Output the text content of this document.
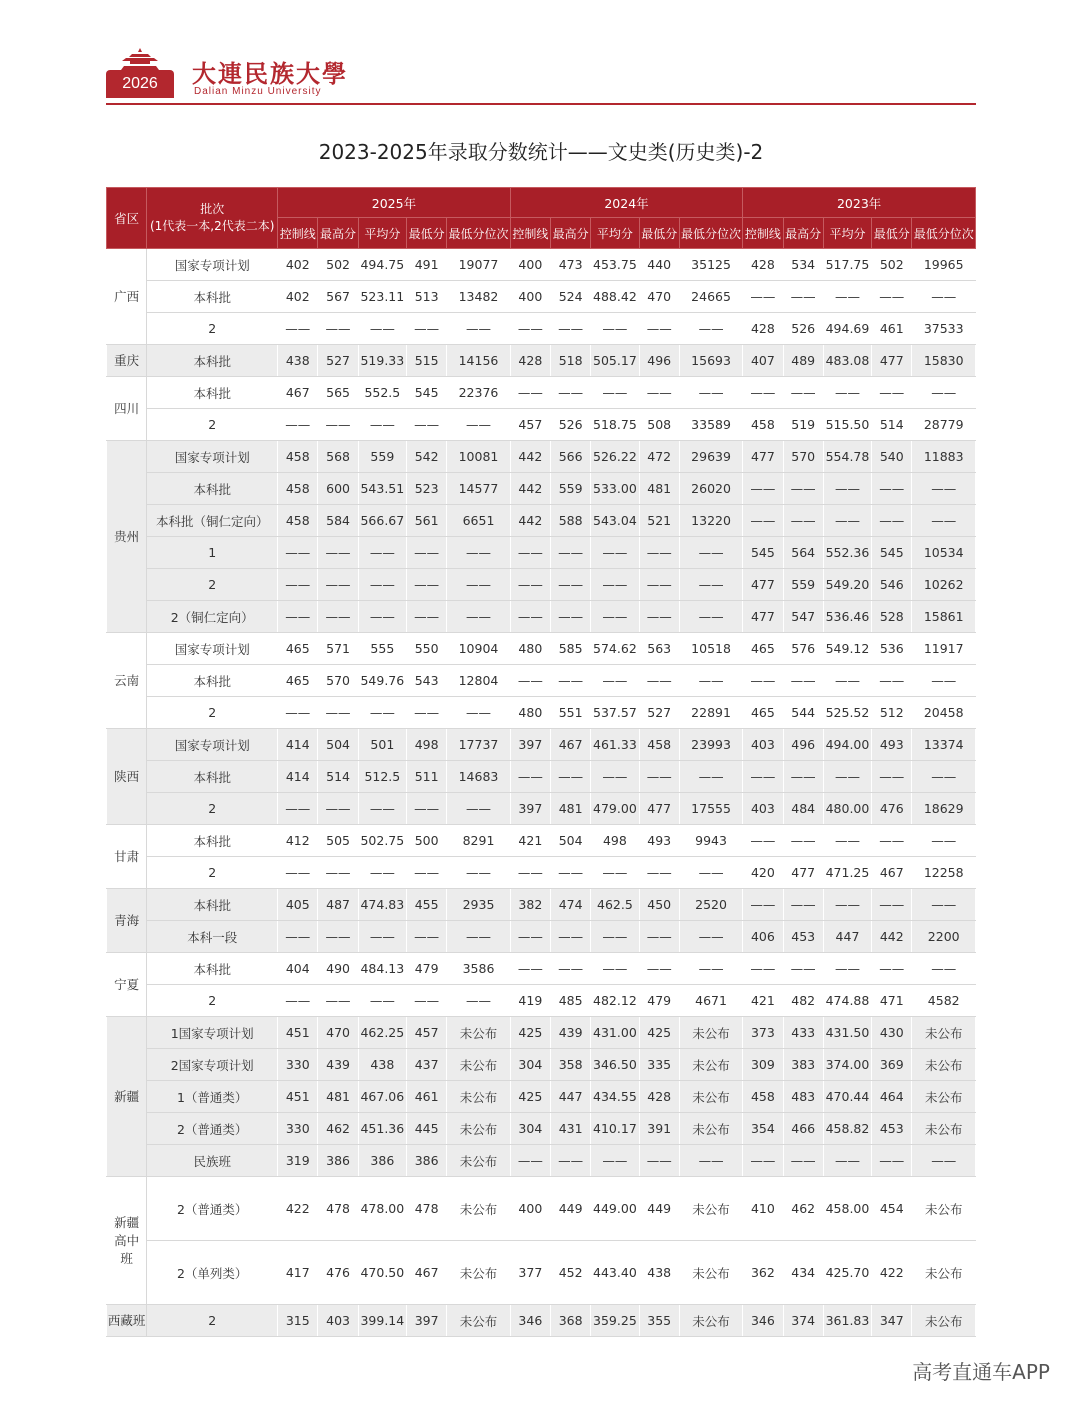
2026	大連民族大學
Dalian Minzu University
2023-2025年录取分数统计——文史类(历史类)-2
省区	批次
(1代表一本,2代表二本)	2025年					2024年					2023年				
		控制线	最高分	平均分	最低分	最低分位次	控制线	最高分	平均分	最低分	最低分位次	控制线	最高分	平均分	最低分	最低分位次
广西	国家专项计划	402	502	494.75	491	19077	400	473	453.75	440	35125	428	534	517.75	502	19965
	本科批	402	567	523.11	513	13482	400	524	488.42	470	24665	——	——	——	——	——
	2	——	——	——	——	——	——	——	——	——	——	428	526	494.69	461	37533
重庆	本科批	438	527	519.33	515	14156	428	518	505.17	496	15693	407	489	483.08	477	15830
四川	本科批	467	565	552.5	545	22376	——	——	——	——	——	——	——	——	——	——
	2	——	——	——	——	——	457	526	518.75	508	33589	458	519	515.50	514	28779
贵州	国家专项计划	458	568	559	542	10081	442	566	526.22	472	29639	477	570	554.78	540	11883
	本科批	458	600	543.51	523	14577	442	559	533.00	481	26020	——	——	——	——	——
	本科批（铜仁定向）	458	584	566.67	561	6651	442	588	543.04	521	13220	——	——	——	——	——
	1	——	——	——	——	——	——	——	——	——	——	545	564	552.36	545	10534
	2	——	——	——	——	——	——	——	——	——	——	477	559	549.20	546	10262
	2（铜仁定向）	——	——	——	——	——	——	——	——	——	——	477	547	536.46	528	15861
云南	国家专项计划	465	571	555	550	10904	480	585	574.62	563	10518	465	576	549.12	536	11917
	本科批	465	570	549.76	543	12804	——	——	——	——	——	——	——	——	——	——
	2	——	——	——	——	——	480	551	537.57	527	22891	465	544	525.52	512	20458
陕西	国家专项计划	414	504	501	498	17737	397	467	461.33	458	23993	403	496	494.00	493	13374
	本科批	414	514	512.5	511	14683	——	——	——	——	——	——	——	——	——	——
	2	——	——	——	——	——	397	481	479.00	477	17555	403	484	480.00	476	18629
甘肃	本科批	412	505	502.75	500	8291	421	504	498	493	9943	——	——	——	——	——
	2	——	——	——	——	——	——	——	——	——	——	420	477	471.25	467	12258
青海	本科批	405	487	474.83	455	2935	382	474	462.5	450	2520	——	——	——	——	——
	本科一段	——	——	——	——	——	——	——	——	——	——	406	453	447	442	2200
宁夏	本科批	404	490	484.13	479	3586	——	——	——	——	——	——	——	——	——	——
	2	——	——	——	——	——	419	485	482.12	479	4671	421	482	474.88	471	4582
新疆	1国家专项计划	451	470	462.25	457	未公布	425	439	431.00	425	未公布	373	433	431.50	430	未公布
	2国家专项计划	330	439	438	437	未公布	304	358	346.50	335	未公布	309	383	374.00	369	未公布
	1（普通类）	451	481	467.06	461	未公布	425	447	434.55	428	未公布	458	483	470.44	464	未公布
	2（普通类）	330	462	451.36	445	未公布	304	431	410.17	391	未公布	354	466	458.82	453	未公布
	民族班	319	386	386	386	未公布	——	——	——	——	——	——	——	——	——	——
新疆
高中
班	2（普通类）	422	478	478.00	478	未公布	400	449	449.00	449	未公布	410	462	458.00	454	未公布
	2（单列类）	417	476	470.50	467	未公布	377	452	443.40	438	未公布	362	434	425.70	422	未公布
西藏班	2	315	403	399.14	397	未公布	346	368	359.25	355	未公布	346	374	361.83	347	未公布
高考直通车APP
